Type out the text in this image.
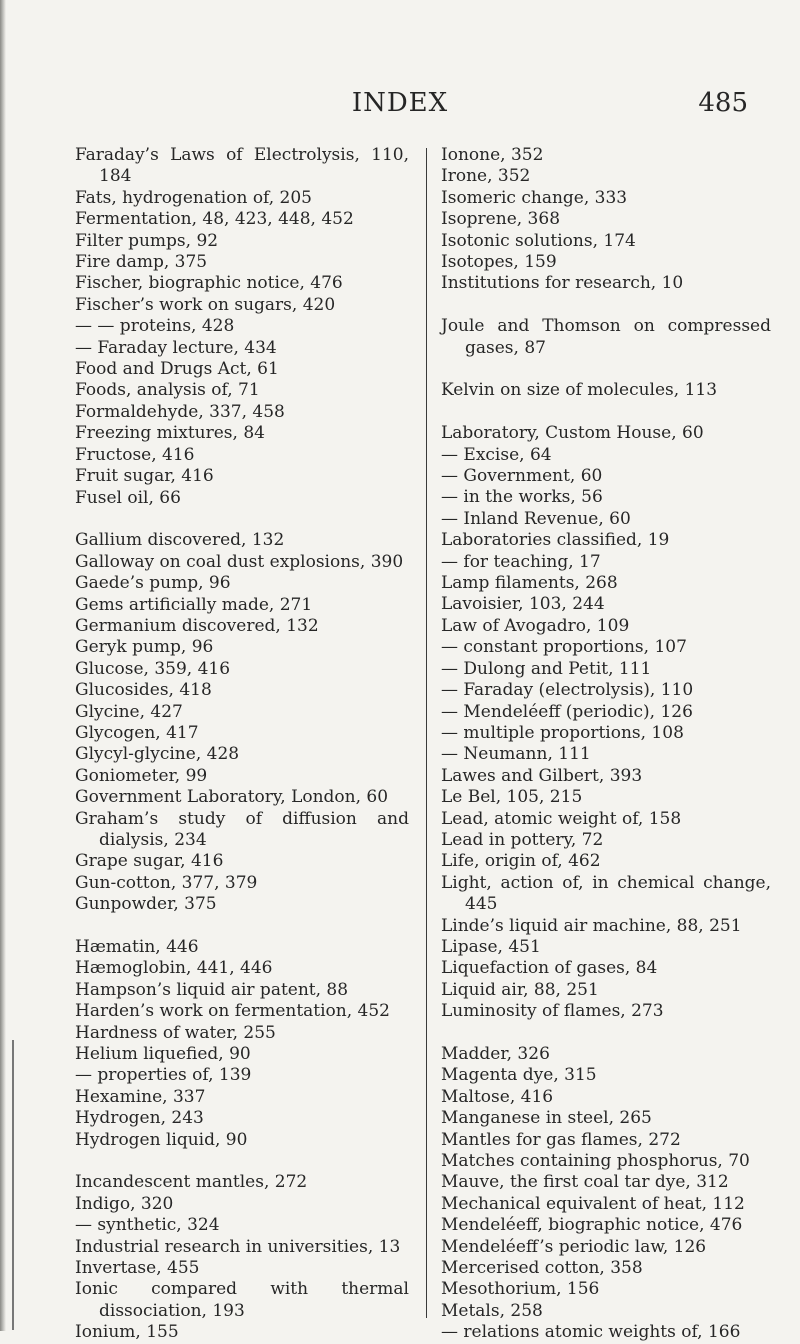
INDEX	485
Faraday’s Laws of Electrolysis, 110, 184
Fats, hydrogenation of, 205
Fermentation, 48, 423, 448, 452
Filter pumps, 92
Fire damp, 375
Fischer, biographic notice, 476
Fischer’s work on sugars, 420
— — proteins, 428
— Faraday lecture, 434
Food and Drugs Act, 61
Foods, analysis of, 71
Formaldehyde, 337, 458
Freezing mixtures, 84
Fructose, 416
Fruit sugar, 416
Fusel oil, 66
Gallium discovered, 132
Galloway on coal dust explosions, 390
Gaede’s pump, 96
Gems artificially made, 271
Germanium discovered, 132
Geryk pump, 96
Glucose, 359, 416
Glucosides, 418
Glycine, 427
Glycogen, 417
Glycyl-glycine, 428
Goniometer, 99
Government Laboratory, London, 60
Graham’s study of diffusion and dialysis, 234
Grape sugar, 416
Gun-cotton, 377, 379
Gunpowder, 375
Hæmatin, 446
Hæmoglobin, 441, 446
Hampson’s liquid air patent, 88
Harden’s work on fermentation, 452
Hardness of water, 255
Helium liquefied, 90
— properties of, 139
Hexamine, 337
Hydrogen, 243
Hydrogen liquid, 90
Incandescent mantles, 272
Indigo, 320
— synthetic, 324
Industrial research in universities, 13
Invertase, 455
Ionic compared with thermal dissociation, 193
Ionium, 155
Ionone, 352
Irone, 352
Isomeric change, 333
Isoprene, 368
Isotonic solutions, 174
Isotopes, 159
Institutions for research, 10
Joule and Thomson on compressed gases, 87
Kelvin on size of molecules, 113
Laboratory, Custom House, 60
— Excise, 64
— Government, 60
— in the works, 56
— Inland Revenue, 60
Laboratories classified, 19
— for teaching, 17
Lamp filaments, 268
Lavoisier, 103, 244
Law of Avogadro, 109
— constant proportions, 107
— Dulong and Petit, 111
— Faraday (electrolysis), 110
— Mendeléeff (periodic), 126
— multiple proportions, 108
— Neumann, 111
Lawes and Gilbert, 393
Le Bel, 105, 215
Lead, atomic weight of, 158
Lead in pottery, 72
Life, origin of, 462
Light, action of, in chemical change, 445
Linde’s liquid air machine, 88, 251
Lipase, 451
Liquefaction of gases, 84
Liquid air, 88, 251
Luminosity of flames, 273
Madder, 326
Magenta dye, 315
Maltose, 416
Manganese in steel, 265
Mantles for gas flames, 272
Matches containing phosphorus, 70
Mauve, the first coal tar dye, 312
Mechanical equivalent of heat, 112
Mendeléeff, biographic notice, 476
Mendeléeff’s periodic law, 126
Mercerised cotton, 358
Mesothorium, 156
Metals, 258
— relations atomic weights of, 166
